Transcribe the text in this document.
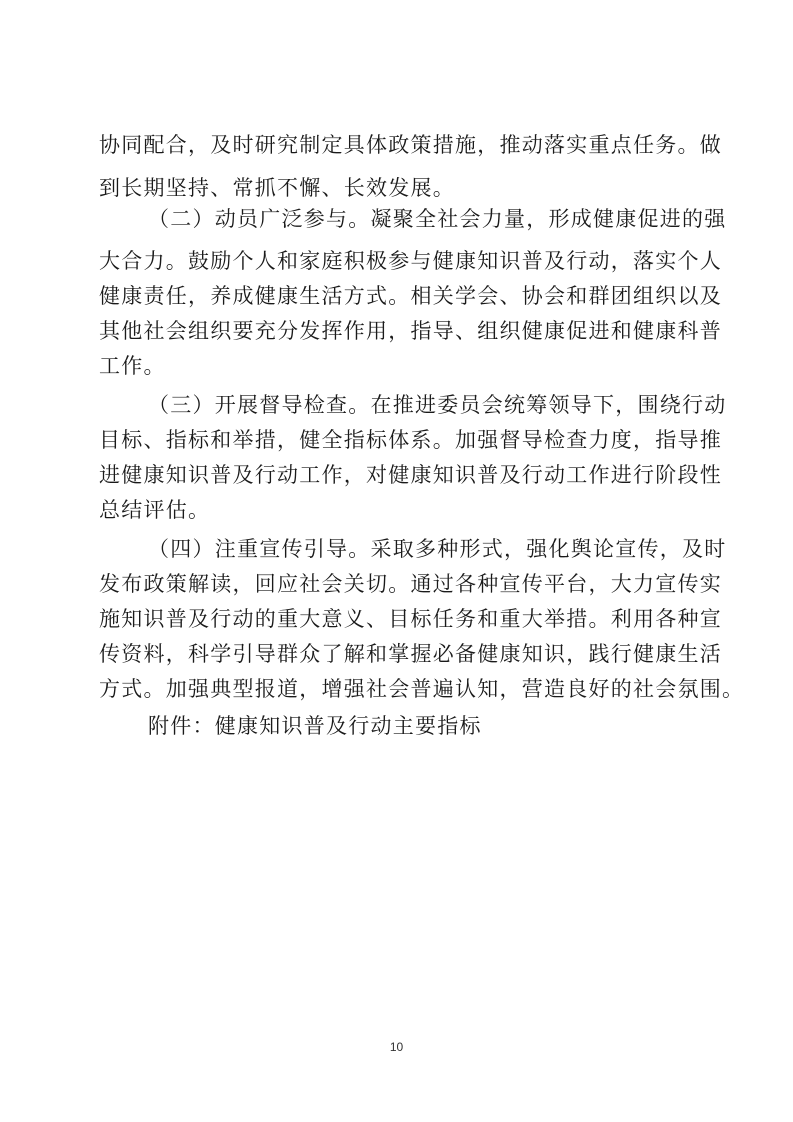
协同配合，及时研究制定具体政策措施，推动落实重点任务。做
到长期坚持、常抓不懈、长效发展。
（二）动员广泛参与。凝聚全社会力量，形成健康促进的强
大合力。鼓励个人和家庭积极参与健康知识普及行动，落实个人
健康责任，养成健康生活方式。相关学会、协会和群团组织以及
其他社会组织要充分发挥作用，指导、组织健康促进和健康科普
工作。
（三）开展督导检查。在推进委员会统筹领导下，围绕行动
目标、指标和举措，健全指标体系。加强督导检查力度，指导推
进健康知识普及行动工作，对健康知识普及行动工作进行阶段性
总结评估。
（四）注重宣传引导。采取多种形式，强化舆论宣传，及时
发布政策解读，回应社会关切。通过各种宣传平台，大力宣传实
施知识普及行动的重大意义、目标任务和重大举措。利用各种宣
传资料，科学引导群众了解和掌握必备健康知识，践行健康生活
方式。加强典型报道，增强社会普遍认知，营造良好的社会氛围。
附件：健康知识普及行动主要指标
10
